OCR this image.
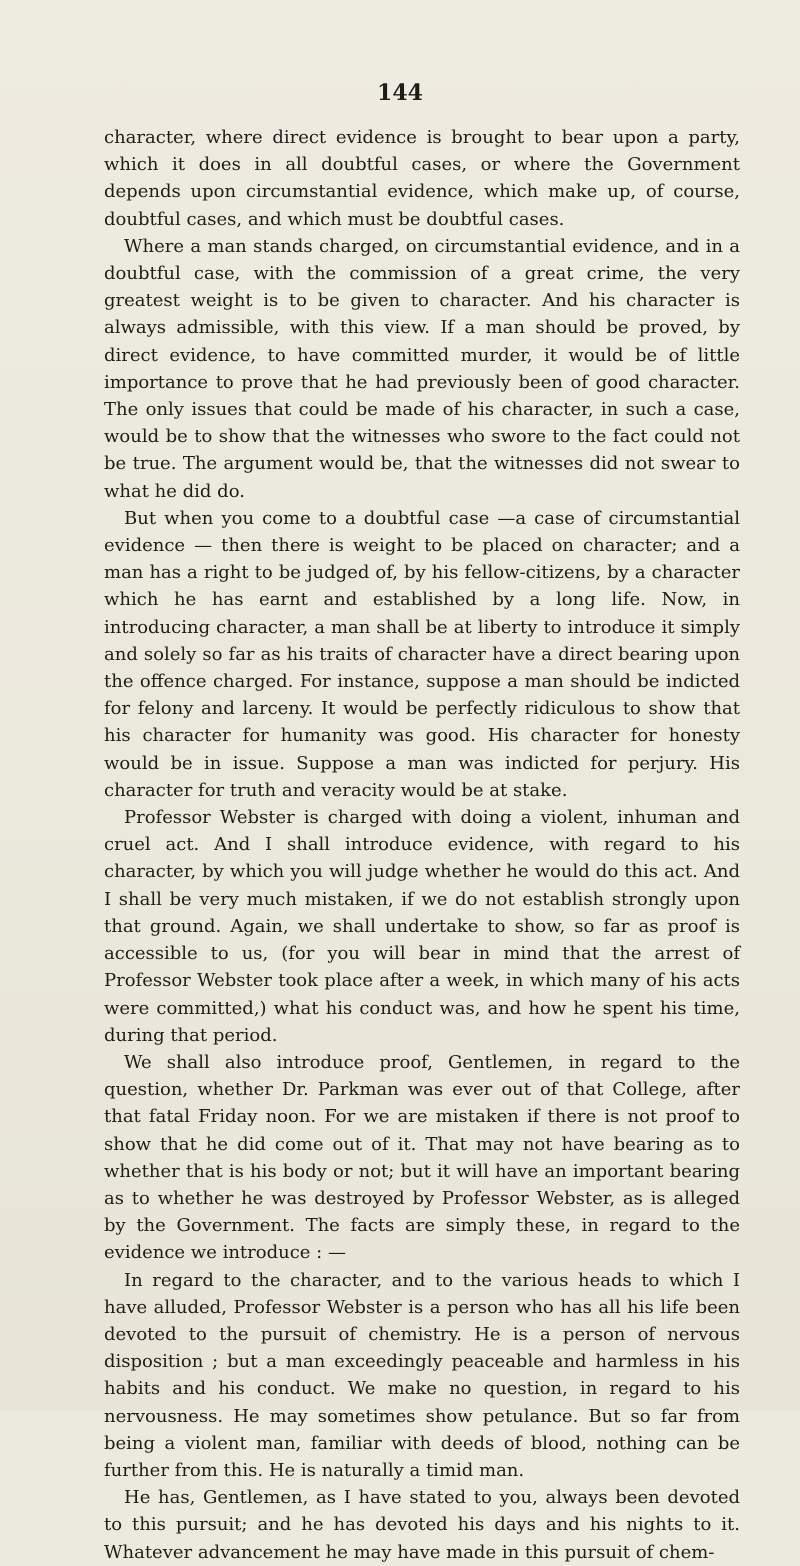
144

character, where direct evidence is brought to bear upon a party, which it does in all doubtful cases, or where the Government depends upon circumstantial evidence, which make up, of course, doubtful cases, and which must be doubtful cases.

Where a man stands charged, on circumstantial evidence, and in a doubtful case, with the commission of a great crime, the very greatest weight is to be given to character. And his character is always admissible, with this view. If a man should be proved, by direct evidence, to have committed murder, it would be of little importance to prove that he had previously been of good character. The only issues that could be made of his character, in such a case, would be to show that the witnesses who swore to the fact could not be true. The argument would be, that the witnesses did not swear to what he did do.

But when you come to a doubtful case —a case of circumstantial evidence — then there is weight to be placed on character; and a man has a right to be judged of, by his fellow-citizens, by a character which he has earnt and established by a long life. Now, in introducing character, a man shall be at liberty to introduce it simply and solely so far as his traits of character have a direct bearing upon the offence charged. For instance, suppose a man should be indicted for felony and larceny. It would be perfectly ridiculous to show that his character for humanity was good. His character for honesty would be in issue. Suppose a man was indicted for perjury. His character for truth and veracity would be at stake.

Professor Webster is charged with doing a violent, inhuman and cruel act. And I shall introduce evidence, with regard to his character, by which you will judge whether he would do this act. And I shall be very much mistaken, if we do not establish strongly upon that ground. Again, we shall undertake to show, so far as proof is accessible to us, (for you will bear in mind that the arrest of Professor Webster took place after a week, in which many of his acts were committed,) what his conduct was, and how he spent his time, during that period.

We shall also introduce proof, Gentlemen, in regard to the question, whether Dr. Parkman was ever out of that College, after that fatal Friday noon. For we are mistaken if there is not proof to show that he did come out of it. That may not have bearing as to whether that is his body or not; but it will have an important bearing as to whether he was destroyed by Professor Webster, as is alleged by the Government. The facts are simply these, in regard to the evidence we introduce : —

In regard to the character, and to the various heads to which I have alluded, Professor Webster is a person who has all his life been devoted to the pursuit of chemistry. He is a person of nervous disposition ; but a man exceedingly peaceable and harmless in his habits and his conduct. We make no question, in regard to his nervousness. He may sometimes show petulance. But so far from being a violent man, familiar with deeds of blood, nothing can be further from this. He is naturally a timid man.

He has, Gentlemen, as I have stated to you, always been devoted to this pursuit; and he has devoted his days and his nights to it. Whatever advancement he may have made in this pursuit of chem-
